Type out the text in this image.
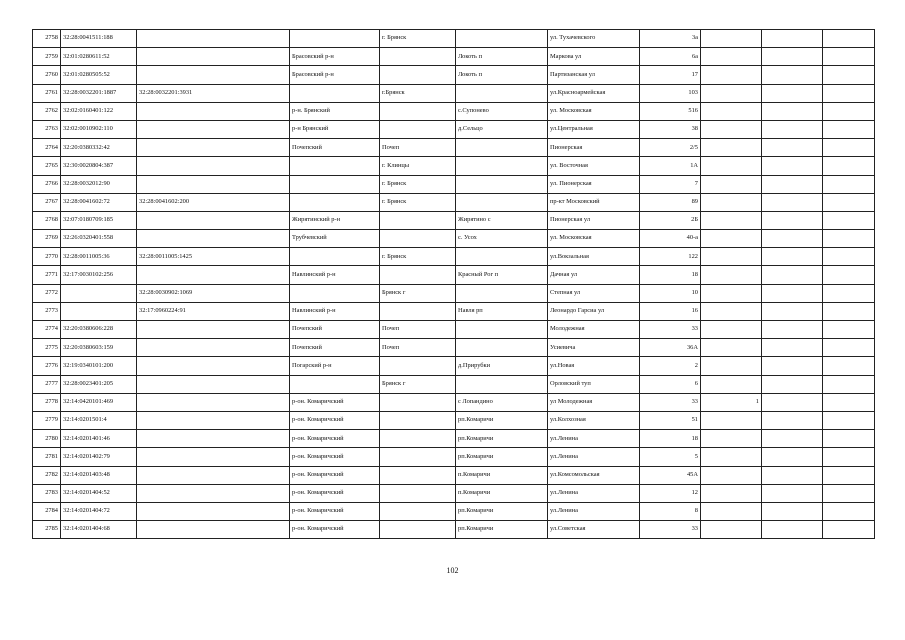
2758	32:28:0041511:188			г. Брянск		ул. Тухачевского	3а			
2759	32:01:0280611:52		Брасовский р-н		Локоть п	Маркова ул	6а			
2760	32:01:0280505:52		Брасовский р-н		Локоть п	Партизанская ул	17			
2761	32:28:0032201:1887	32:28:0032201:3931		г.Брянск		ул.Красноармейская	103			
2762	32:02:0160401:122		р-н. Брянский		с.Супонево	ул. Московская	516			
2763	32:02:0010902:110		р-н Брянский		д.Сельцо	ул.Центральная	38			
2764	32:20:0380332:42		Почепский	Почеп		Пионерская	2/5			
2765	32:30:0020804:387			г. Клинцы		ул. Восточная	1А			
2766	32:28:0032012:90			г. Брянск		ул. Пионерская	7			
2767	32:28:0041602:72	32:28:0041602:200		г. Брянск		пр-кт Московский	89			
2768	32:07:0180709:185		Жирятинский р-н		Жирятино с	Пионерская ул	2Б			
2769	32:26:0320401:558		Трубчевский		с. Усох	ул. Московская	40-а			
2770	32:28:0011005:36	32:28:0011005:1425		г. Брянск		ул.Вокзальная	122			
2771	32:17:0030102:256		Навлинский р-н		Красный Рог п	Дачная ул	18			
2772		32:28:0030902:1069		Брянск г		Степная ул	10			
2773		32:17:0960224:91	Навлинский р-н		Навля рп	Леонардо Гарсиа ул	16			
2774	32:20:0380606:228		Почепский	Почеп		Молодежная	33			
2775	32:20:0380603:159		Почепский	Почеп		Усиевича	36А			
2776	32:19:0340101:200		Погарский р-н		д.Прирубки	ул.Новая	2			
2777	32:28:0023401:205			Брянск г		Орловский туп	6			
2778	32:14:0420101:469		р-он. Комаричский		с Лопандино	ул Молодежная	33	1		
2779	32:14:0201501:4		р-он. Комаричский		рп.Комаричи	ул.Колхозная	51			
2780	32:14:0201401:46		р-он. Комаричский		рп.Комаричи	ул.Ленина	18			
2781	32:14:0201402:79		р-он. Комаричский		рп.Комаричи	ул.Ленина	5			
2782	32:14:0201403:48		р-он. Комаричский		п.Комаричи	ул.Комсомольская	45А			
2783	32:14:0201404:52		р-он. Комаричский		п.Комаричи	ул.Ленина	12			
2784	32:14:0201404:72		р-он. Комаричский		рп.Комаричи	ул.Ленина	8			
2785	32:14:0201404:68		р-он. Комаричский		рп.Комаричи	ул.Советская	33			
102
